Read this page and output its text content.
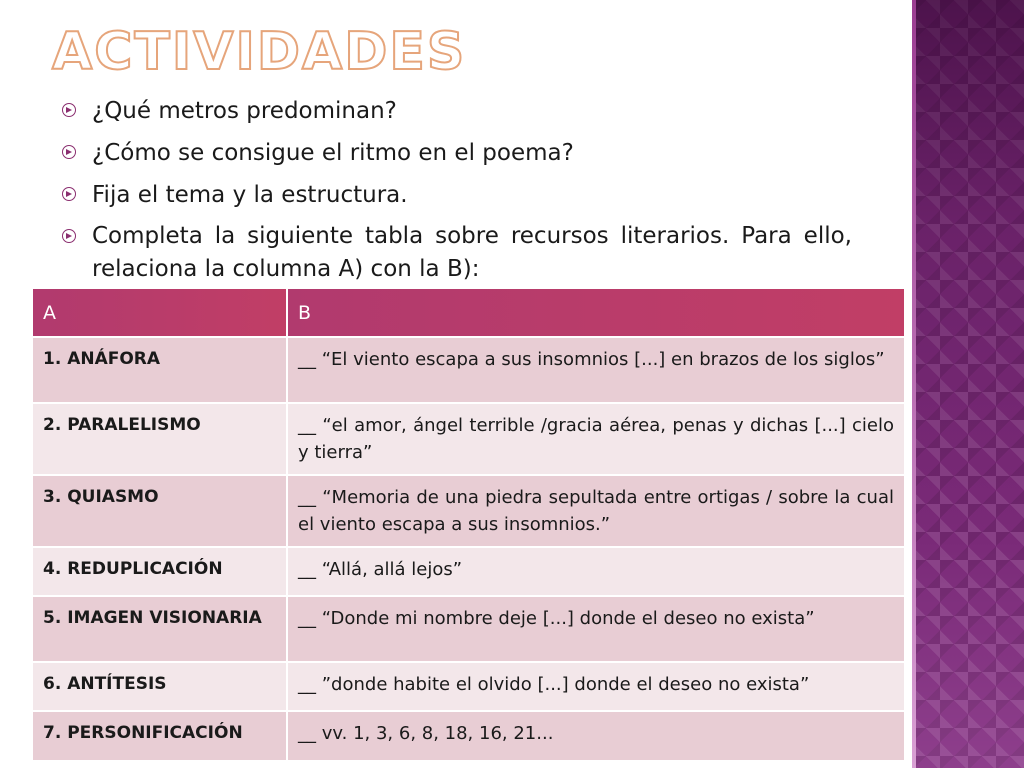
ACTIVIDADES
¿Qué metros predominan?
¿Cómo se consigue el ritmo en el poema?
Fija el tema y la estructura.
Completa la siguiente tabla sobre recursos literarios. Para ello, relaciona la columna A) con la B):
A	B
1. ANÁFORA	__ “El viento escapa a sus insomnios [...] en brazos de los siglos”
2. PARALELISMO	__ “el amor, ángel terrible /gracia aérea, penas y dichas [...] cielo y tierra”
3. QUIASMO	__ “Memoria de una piedra sepultada entre ortigas / sobre la cual el viento escapa a sus insomnios.”
4. REDUPLICACIÓN	__ “Allá, allá lejos”
5. IMAGEN VISIONARIA	__ “Donde mi nombre deje [...] donde el deseo no exista”
6. ANTÍTESIS	__ ”donde habite el olvido [...] donde el deseo no exista”
7. PERSONIFICACIÓN	__ vv. 1, 3, 6, 8, 18, 16, 21...
